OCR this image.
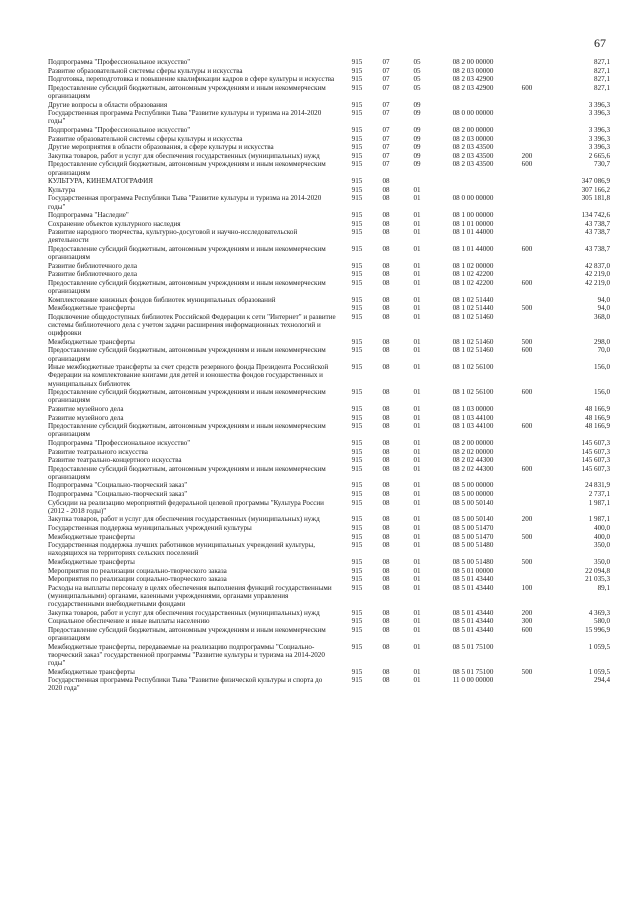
67
Подпрограмма "Профессиональное искусство"	915	07	05	08 2 00 00000		827,1
Развитие образовательной системы сферы культуры и искусства	915	07	05	08 2 03 00000		827,1
Подготовка, переподготовка и повышение квалификации кадров в сфере культуры и искусства	915	07	05	08 2 03 42900		827,1
Предоставление субсидий бюджетным, автономным учреждениям и иным некоммерческим организациям	915	07	05	08 2 03 42900	600	827,1
Другие вопросы в области образования	915	07	09			3 396,3
Государственная программа Республики Тыва "Развитие культуры и туризма на 2014-2020 годы"	915	07	09	08 0 00 00000		3 396,3
Подпрограмма "Профессиональное искусство"	915	07	09	08 2 00 00000		3 396,3
Развитие образовательной системы сферы культуры и искусства	915	07	09	08 2 03 00000		3 396,3
Другие мероприятия в области образования, в сфере культуры и искусства	915	07	09	08 2 03 43500		3 396,3
Закупка товаров, работ и услуг для обеспечения государственных (муниципальных) нужд	915	07	09	08 2 03 43500	200	2 665,6
Предоставление субсидий бюджетным, автономным учреждениям и иным некоммерческим организациям	915	07	09	08 2 03 43500	600	730,7
КУЛЬТУРА, КИНЕМАТОГРАФИЯ	915	08				347 086,9
Культура	915	08	01			307 166,2
Государственная программа Республики Тыва "Развитие культуры и туризма на 2014-2020 годы"	915	08	01	08 0 00 00000		305 181,8
Подпрограмма "Наследие"	915	08	01	08 1 00 00000		134 742,6
Сохранение объектов культурного наследия	915	08	01	08 1 01 00000		43 738,7
Развитие народного творчества, культурно-досуговой и научно-исследовательской деятельности	915	08	01	08 1 01 44000		43 738,7
Предоставление субсидий бюджетным, автономным учреждениям и иным некоммерческим организациям	915	08	01	08 1 01 44000	600	43 738,7
Развитие библиотечного дела	915	08	01	08 1 02 00000		42 837,0
Развитие библиотечного дела	915	08	01	08 1 02 42200		42 219,0
Предоставление субсидий бюджетным, автономным учреждениям и иным некоммерческим организациям	915	08	01	08 1 02 42200	600	42 219,0
Комплектование книжных фондов библиотек муниципальных образований	915	08	01	08 1 02 51440		94,0
Межбюджетные трансферты	915	08	01	08 1 02 51440	500	94,0
Подключение общедоступных библиотек Российской Федерации к сети "Интернет" и развитие системы библиотечного дела с учетом задачи расширения информационных технологий и оцифровки	915	08	01	08 1 02 51460		368,0
Межбюджетные трансферты	915	08	01	08 1 02 51460	500	298,0
Предоставление субсидий бюджетным, автономным учреждениям и иным некоммерческим организациям	915	08	01	08 1 02 51460	600	70,0
Иные межбюджетные трансферты за счет средств резервного фонда Президента Российской Федерации на комплектование книгами для детей и юношества фондов государственных и муниципальных библиотек	915	08	01	08 1 02 56100		156,0
Предоставление субсидий бюджетным, автономным учреждениям и иным некоммерческим организациям	915	08	01	08 1 02 56100	600	156,0
Развитие музейного дела	915	08	01	08 1 03 00000		48 166,9
Развитие музейного дела	915	08	01	08 1 03 44100		48 166,9
Предоставление субсидий бюджетным, автономным учреждениям и иным некоммерческим организациям	915	08	01	08 1 03 44100	600	48 166,9
Подпрограмма "Профессиональное искусство"	915	08	01	08 2 00 00000		145 607,3
Развитие театрального искусства	915	08	01	08 2 02 00000		145 607,3
Развитие театрально-концертного искусства	915	08	01	08 2 02 44300		145 607,3
Предоставление субсидий бюджетным, автономным учреждениям и иным некоммерческим организациям	915	08	01	08 2 02 44300	600	145 607,3
Подпрограмма "Социально-творческий заказ"	915	08	01	08 5 00 00000		24 831,9
Подпрограмма "Социально-творческий заказ"	915	08	01	08 5 00 00000		2 737,1
Субсидии на реализацию мероприятий федеральной целевой программы "Культура России (2012 - 2018 годы)"	915	08	01	08 5 00 50140		1 987,1
Закупка товаров, работ и услуг для обеспечения государственных (муниципальных) нужд	915	08	01	08 5 00 50140	200	1 987,1
Государственная поддержка муниципальных учреждений культуры	915	08	01	08 5 00 51470		400,0
Межбюджетные трансферты	915	08	01	08 5 00 51470	500	400,0
Государственная поддержка лучших работников муниципальных учреждений культуры, находящихся на территориях сельских поселений	915	08	01	08 5 00 51480		350,0
Межбюджетные трансферты	915	08	01	08 5 00 51480	500	350,0
Мероприятия по реализации социально-творческого заказа	915	08	01	08 5 01 00000		22 094,8
Мероприятия по реализации социально-творческого заказа	915	08	01	08 5 01 43440		21 035,3
Расходы на выплаты персоналу в целях обеспечения выполнения функций государственными (муниципальными) органами, казенными учреждениями, органами управления государственными внебюджетными фондами	915	08	01	08 5 01 43440	100	89,1
Закупка товаров, работ и услуг для обеспечения государственных (муниципальных) нужд	915	08	01	08 5 01 43440	200	4 369,3
Социальное обеспечение и иные выплаты населению	915	08	01	08 5 01 43440	300	580,0
Предоставление субсидий бюджетным, автономным учреждениям и иным некоммерческим организациям	915	08	01	08 5 01 43440	600	15 996,9
Межбюджетные трансферты, передаваемые на реализацию подпрограммы "Социально-творческий заказ" государственной программы "Развитие культуры и туризма на 2014-2020 годы"	915	08	01	08 5 01 75100		1 059,5
Межбюджетные трансферты	915	08	01	08 5 01 75100	500	1 059,5
Государственная программа Республики Тыва "Развитие физической культуры и спорта до 2020 года"	915	08	01	11 0 00 00000		294,4
